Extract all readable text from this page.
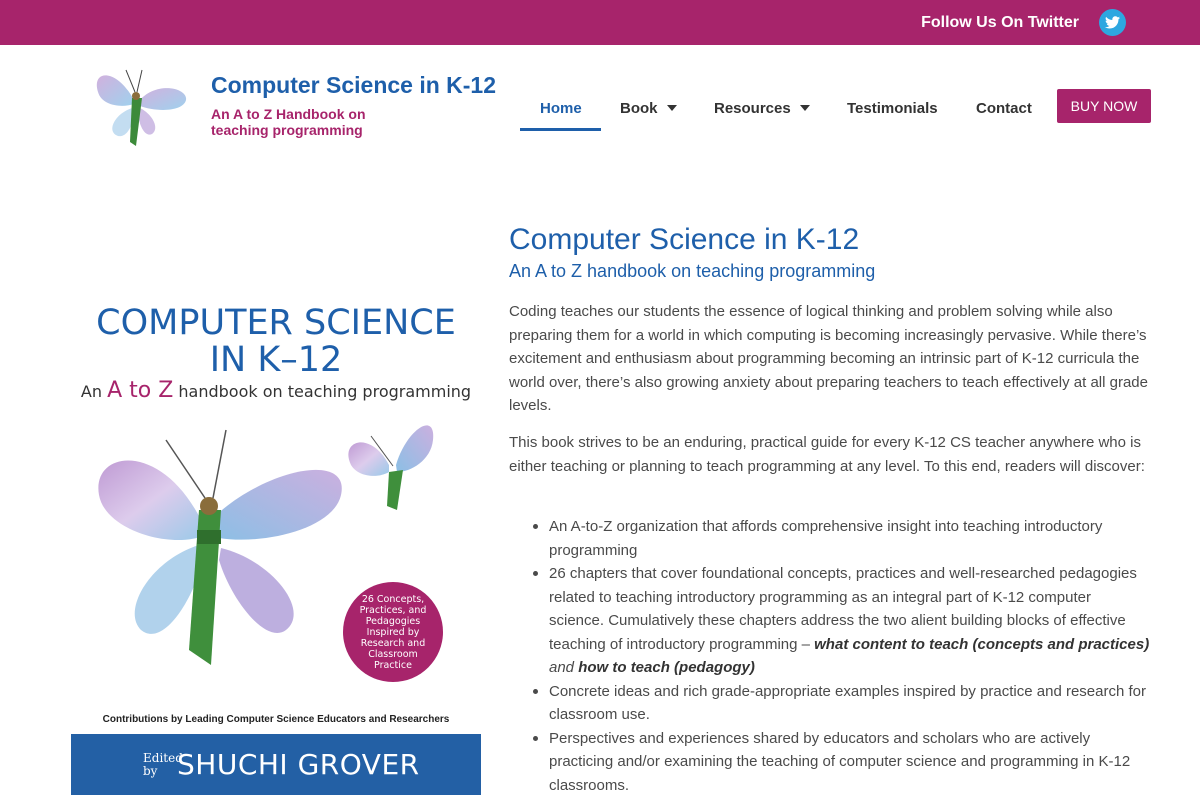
Follow Us On Twitter
Computer Science in K-12
An A to Z Handbook on teaching programming
Home	Book	Resources	Testimonials	Contact	BUY NOW
COMPUTER SCIENCE
IN K–12
An A to Z handbook on teaching programming
26 Concepts, Practices, and Pedagogies Inspired by Research and Classroom Practice
Contributions by Leading Computer Science Educators and Researchers
Edited by SHUCHI GROVER
Computer Science in K-12
An A to Z handbook on teaching programming

Coding teaches our students the essence of logical thinking and problem solving while also preparing them for a world in which computing is becoming increasingly pervasive. While there’s excitement and enthusiasm about programming becoming an intrinsic part of K-12 curricula the world over, there’s also growing anxiety about preparing teachers to teach effectively at all grade levels.

This book strives to be an enduring, practical guide for every K-12 CS teacher anywhere who is either teaching or planning to teach programming at any level. To this end, readers will discover:

An A-to-Z organization that affords comprehensive insight into teaching introductory programming
26 chapters that cover foundational concepts, practices and well-researched pedagogies related to teaching introductory programming as an integral part of K-12 computer science. Cumulatively these chapters address the two alient building blocks of effective teaching of introductory programming – what content to teach (concepts and practices) and how to teach (pedagogy)
Concrete ideas and rich grade-appropriate examples inspired by practice and research for classroom use.
Perspectives and experiences shared by educators and scholars who are actively practicing and/or examining the teaching of computer science and programming in K-12 classrooms.
